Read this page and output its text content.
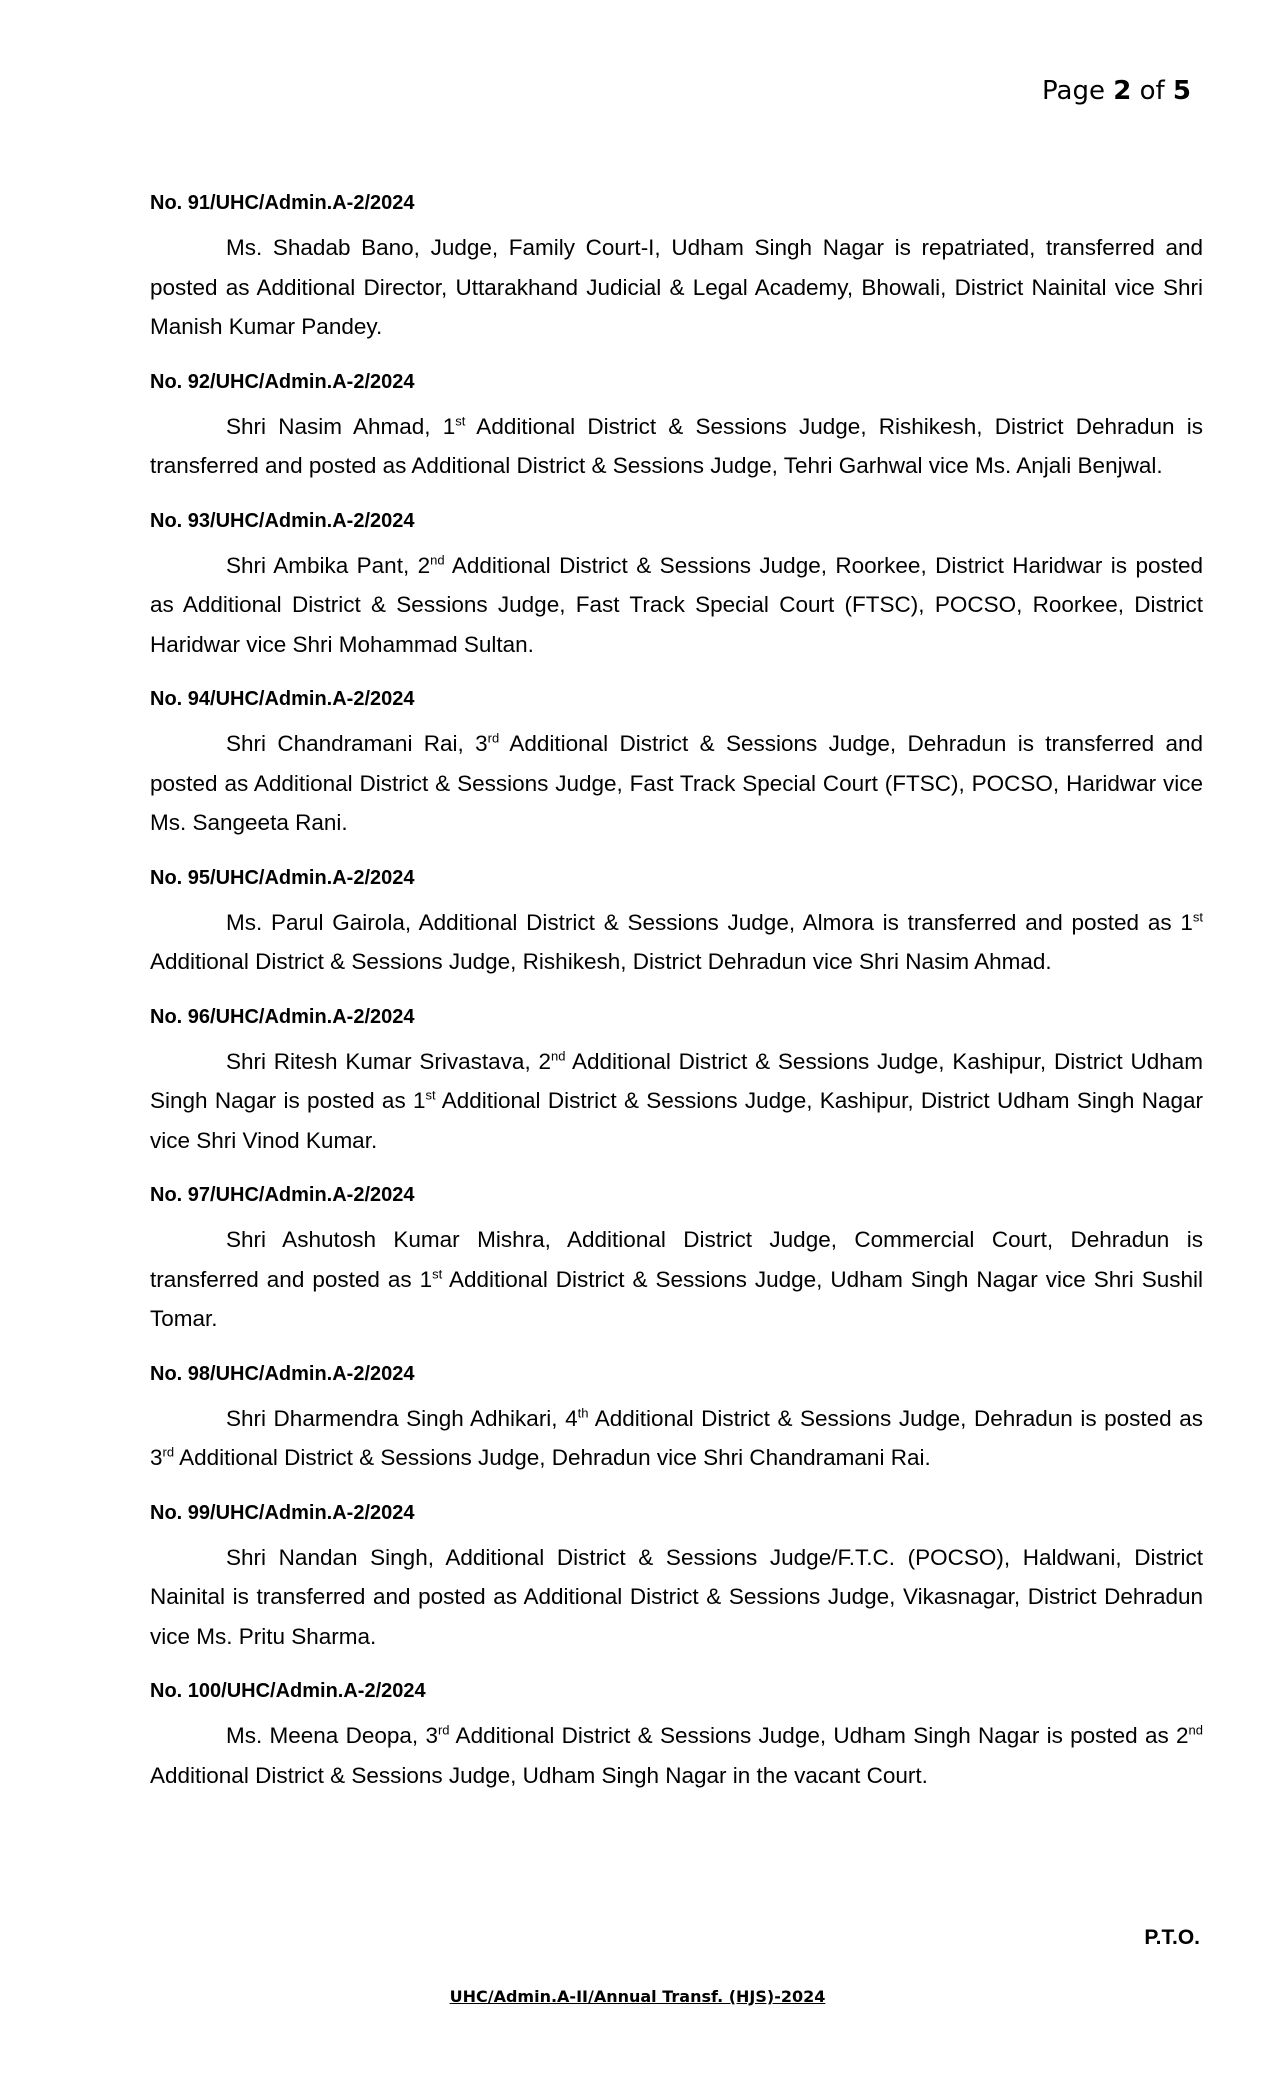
Page 2 of 5
No. 91/UHC/Admin.A-2/2024

Ms. Shadab Bano, Judge, Family Court-I, Udham Singh Nagar is repatriated, transferred and posted as Additional Director, Uttarakhand Judicial & Legal Academy, Bhowali, District Nainital vice Shri Manish Kumar Pandey.

No. 92/UHC/Admin.A-2/2024

Shri Nasim Ahmad, 1st Additional District & Sessions Judge, Rishikesh, District Dehradun is transferred and posted as Additional District & Sessions Judge, Tehri Garhwal vice Ms. Anjali Benjwal.

No. 93/UHC/Admin.A-2/2024

Shri Ambika Pant, 2nd Additional District & Sessions Judge, Roorkee, District Haridwar is posted as Additional District & Sessions Judge, Fast Track Special Court (FTSC), POCSO, Roorkee, District Haridwar vice Shri Mohammad Sultan.

No. 94/UHC/Admin.A-2/2024

Shri Chandramani Rai, 3rd Additional District & Sessions Judge, Dehradun is transferred and posted as Additional District & Sessions Judge, Fast Track Special Court (FTSC), POCSO, Haridwar vice Ms. Sangeeta Rani.

No. 95/UHC/Admin.A-2/2024

Ms. Parul Gairola, Additional District & Sessions Judge, Almora is transferred and posted as 1st Additional District & Sessions Judge, Rishikesh, District Dehradun vice Shri Nasim Ahmad.

No. 96/UHC/Admin.A-2/2024

Shri Ritesh Kumar Srivastava, 2nd Additional District & Sessions Judge, Kashipur, District Udham Singh Nagar is posted as 1st Additional District & Sessions Judge, Kashipur, District Udham Singh Nagar vice Shri Vinod Kumar.

No. 97/UHC/Admin.A-2/2024

Shri Ashutosh Kumar Mishra, Additional District Judge, Commercial Court, Dehradun is transferred and posted as 1st Additional District & Sessions Judge, Udham Singh Nagar vice Shri Sushil Tomar.

No. 98/UHC/Admin.A-2/2024

Shri Dharmendra Singh Adhikari, 4th Additional District & Sessions Judge, Dehradun is posted as 3rd Additional District & Sessions Judge, Dehradun vice Shri Chandramani Rai.

No. 99/UHC/Admin.A-2/2024

Shri Nandan Singh, Additional District & Sessions Judge/F.T.C. (POCSO), Haldwani, District Nainital is transferred and posted as Additional District & Sessions Judge, Vikasnagar, District Dehradun vice Ms. Pritu Sharma.

No. 100/UHC/Admin.A-2/2024

Ms. Meena Deopa, 3rd Additional District & Sessions Judge, Udham Singh Nagar is posted as 2nd Additional District & Sessions Judge, Udham Singh Nagar in the vacant Court.

P.T.O.
UHC/Admin.A-II/Annual Transf. (HJS)-2024
